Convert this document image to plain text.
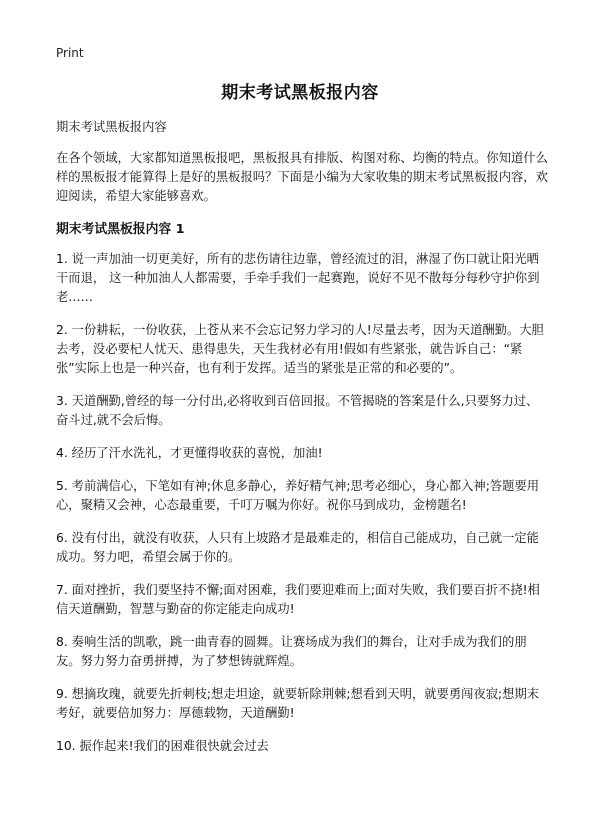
Print
期末考试黑板报内容

期末考试黑板报内容

在各个领域，大家都知道黑板报吧，黑板报具有排版、构图对称、均衡的特点。你知道什么样的黑板报才能算得上是好的黑板报吗？下面是小编为大家收集的期末考试黑板报内容，欢迎阅读，希望大家能够喜欢。

期末考试黑板报内容 1

1. 说一声加油一切更美好，所有的悲伤请往边靠，曾经流过的泪，淋湿了伤口就让阳光晒干而退， 这一种加油人人都需要，手牵手我们一起赛跑，说好不见不散每分每秒守护你到老……

2. 一份耕耘，一份收获，上苍从来不会忘记努力学习的人!尽量去考，因为天道酬勤。大胆去考，没必要杞人忧天、患得患失，天生我材必有用!假如有些紧张，就告诉自己：“紧张”实际上也是一种兴奋，也有利于发挥。适当的紧张是正常的和必要的”。

3. 天道酬勤,曾经的每一分付出,必将收到百倍回报。不管揭晓的答案是什么,只要努力过、奋斗过,就不会后悔。

4. 经历了汗水洗礼，才更懂得收获的喜悦，加油!

5. 考前满信心，下笔如有神;休息多静心，养好精气神;思考必细心，身心都入神;答题要用心，聚精又会神，心态最重要，千叮万嘱为你好。祝你马到成功，金榜题名!

6. 没有付出，就没有收获，人只有上坡路才是最难走的，相信自己能成功，自己就一定能成功。努力吧，希望会属于你的。

7. 面对挫折，我们要坚持不懈;面对困难，我们要迎难而上;面对失败，我们要百折不挠!相信天道酬勤，智慧与勤奋的你定能走向成功!

8. 奏响生活的凯歌，跳一曲青春的圆舞。让赛场成为我们的舞台，让对手成为我们的朋友。努力努力奋勇拼搏，为了梦想铸就辉煌。

9. 想摘玫瑰，就要先折刺枝;想走坦途，就要斩除荆棘;想看到天明，就要勇闯夜寂;想期末考好，就要倍加努力：厚德载物，天道酬勤!

10. 振作起来!我们的困难很快就会过去
